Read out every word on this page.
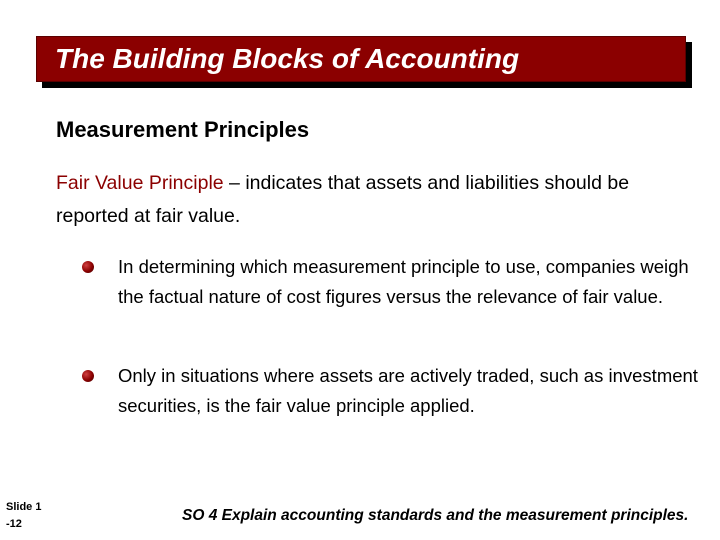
The Building Blocks of Accounting
Measurement Principles
Fair Value Principle – indicates that assets and liabilities should be reported at fair value.
In determining which measurement principle to use, companies weigh the factual nature of cost figures versus the relevance of fair value.
Only in situations where assets are actively traded, such as investment securities, is the fair value principle applied.
Slide 1 -12	SO 4 Explain accounting standards and the measurement principles.
